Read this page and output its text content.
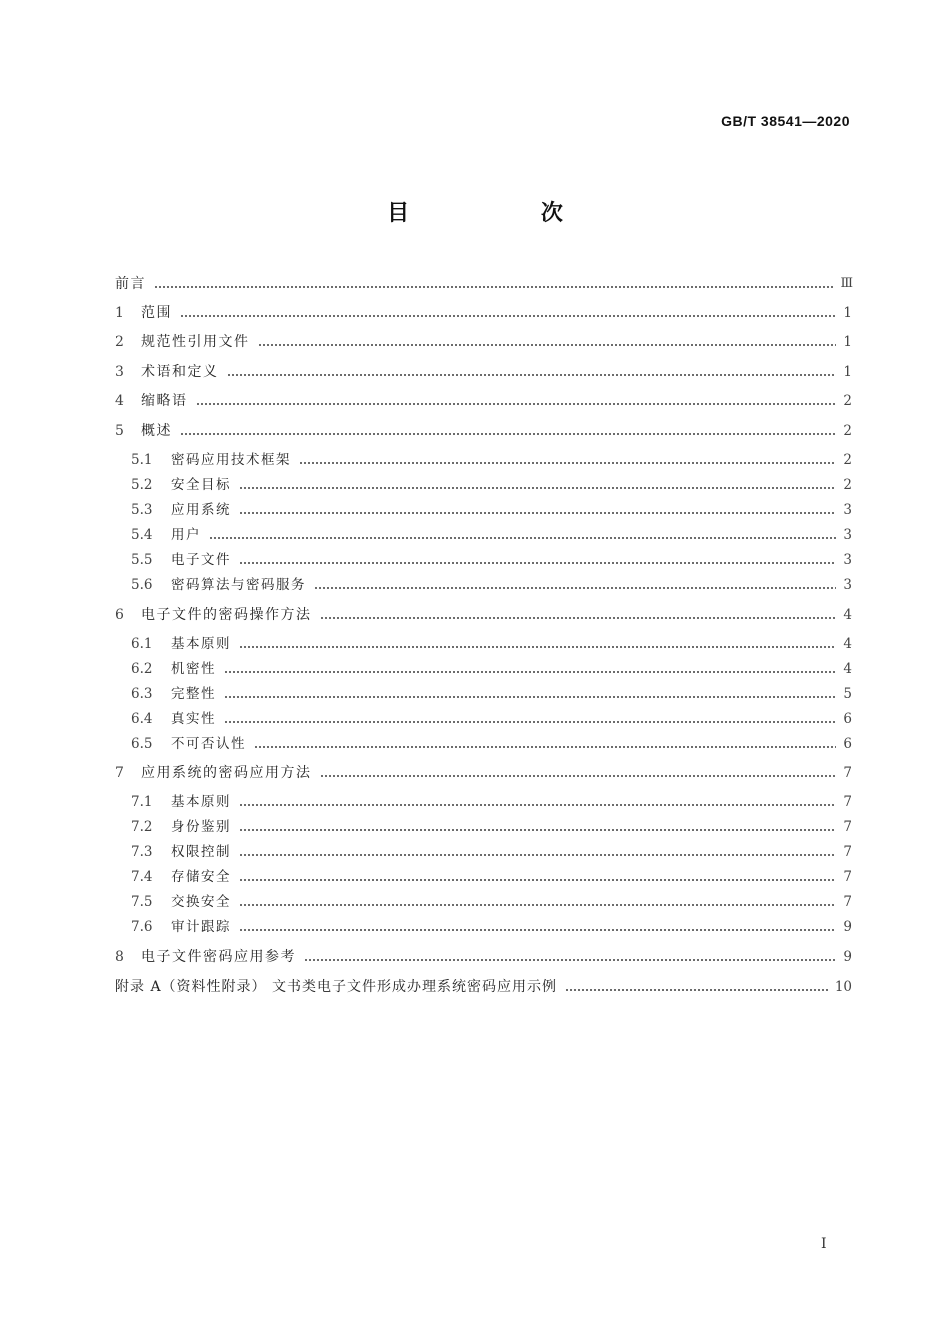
GB/T 38541—2020
目 次
前言	Ⅲ
1	范围	1
2	规范性引用文件	1
3	术语和定义	1
4	缩略语	2
5	概述	2
5.1	密码应用技术框架	2
5.2	安全目标	2
5.3	应用系统	3
5.4	用户	3
5.5	电子文件	3
5.6	密码算法与密码服务	3
6	电子文件的密码操作方法	4
6.1	基本原则	4
6.2	机密性	4
6.3	完整性	5
6.4	真实性	6
6.5	不可否认性	6
7	应用系统的密码应用方法	7
7.1	基本原则	7
7.2	身份鉴别	7
7.3	权限控制	7
7.4	存储安全	7
7.5	交换安全	7
7.6	审计跟踪	9
8	电子文件密码应用参考	9
附录 A（资料性附录） 文书类电子文件形成办理系统密码应用示例	10
I
